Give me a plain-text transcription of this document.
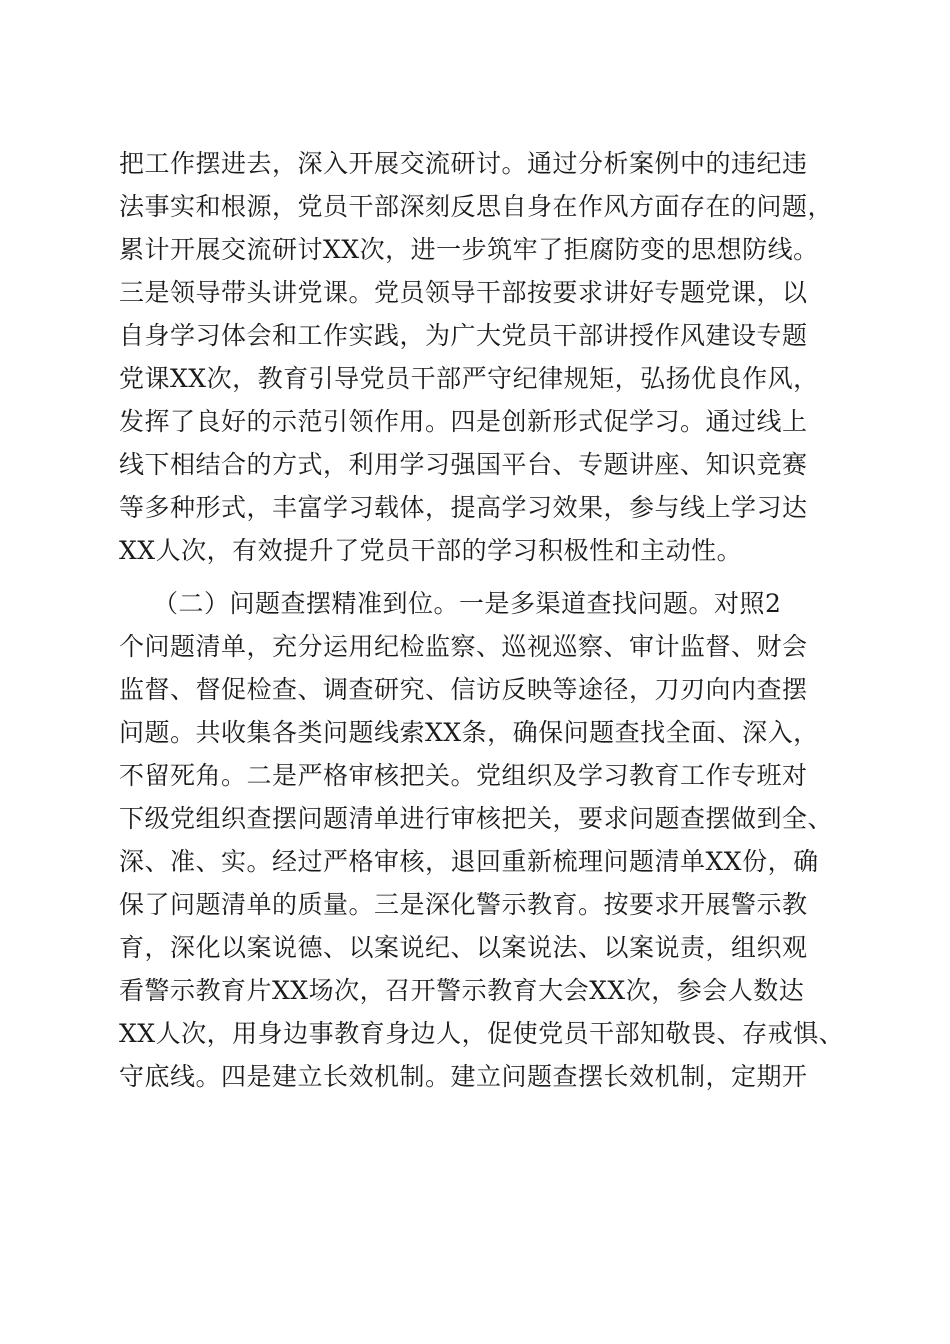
把工作摆进去，深入开展交流研讨。通过分析案例中的违纪违
法事实和根源，党员干部深刻反思自身在作风方面存在的问题，
累计开展交流研讨XX次，进一步筑牢了拒腐防变的思想防线。
三是领导带头讲党课。党员领导干部按要求讲好专题党课，以
自身学习体会和工作实践，为广大党员干部讲授作风建设专题
党课XX次，教育引导党员干部严守纪律规矩，弘扬优良作风，
发挥了良好的示范引领作用。四是创新形式促学习。通过线上
线下相结合的方式，利用学习强国平台、专题讲座、知识竞赛
等多种形式，丰富学习载体，提高学习效果，参与线上学习达
XX人次，有效提升了党员干部的学习积极性和主动性。
（二）问题查摆精准到位。一是多渠道查找问题。对照2
个问题清单，充分运用纪检监察、巡视巡察、审计监督、财会
监督、督促检查、调查研究、信访反映等途径，刀刃向内查摆
问题。共收集各类问题线索XX条，确保问题查找全面、深入，
不留死角。二是严格审核把关。党组织及学习教育工作专班对
下级党组织查摆问题清单进行审核把关，要求问题查摆做到全、
深、准、实。经过严格审核，退回重新梳理问题清单XX份，确
保了问题清单的质量。三是深化警示教育。按要求开展警示教
育，深化以案说德、以案说纪、以案说法、以案说责，组织观
看警示教育片XX场次，召开警示教育大会XX次，参会人数达
XX人次，用身边事教育身边人，促使党员干部知敬畏、存戒惧、
守底线。四是建立长效机制。建立问题查摆长效机制，定期开
